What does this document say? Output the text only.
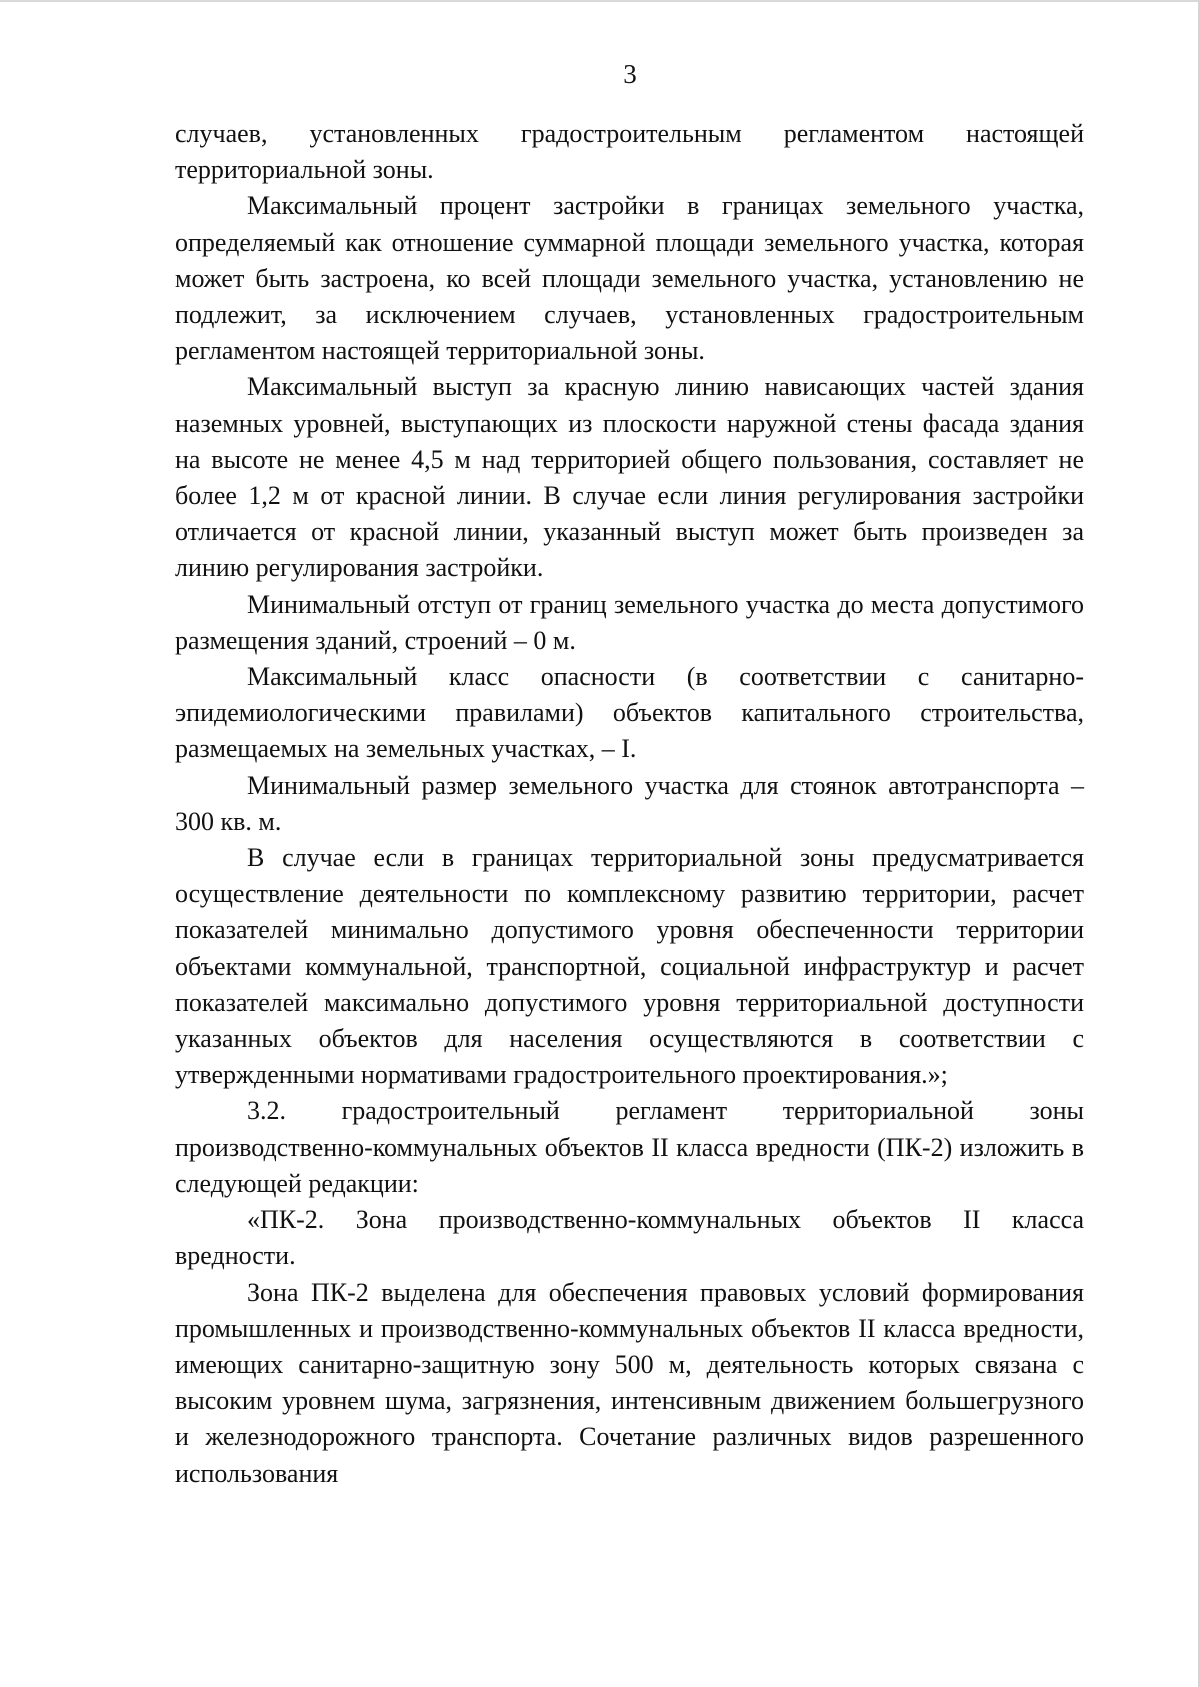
3

случаев, установленных градостроительным регламентом настоящей территориальной зоны.

Максимальный процент застройки в границах земельного участка, определяемый как отношение суммарной площади земельного участка, которая может быть застроена, ко всей площади земельного участка, установлению не подлежит, за исключением случаев, установленных градостроительным регламентом настоящей территориальной зоны.

Максимальный выступ за красную линию нависающих частей здания наземных уровней, выступающих из плоскости наружной стены фасада здания на высоте не менее 4,5 м над территорией общего пользования, составляет не более 1,2 м от красной линии. В случае если линия регулирования застройки отличается от красной линии, указанный выступ может быть произведен за линию регулирования застройки.

Минимальный отступ от границ земельного участка до места допустимого размещения зданий, строений – 0 м.

Максимальный класс опасности (в соответствии с санитарно-эпидемиологическими правилами) объектов капитального строительства, размещаемых на земельных участках, – I.

Минимальный размер земельного участка для стоянок автотранспорта – 300 кв. м.

В случае если в границах территориальной зоны предусматривается осуществление деятельности по комплексному развитию территории, расчет показателей минимально допустимого уровня обеспеченности территории объектами коммунальной, транспортной, социальной инфраструктур и расчет показателей максимально допустимого уровня территориальной доступности указанных объектов для населения осуществляются в соответствии с утвержденными нормативами градостроительного проектирования.»;

3.2. градостроительный регламент территориальной зоны производственно-коммунальных объектов II класса вредности (ПК-2) изложить в следующей редакции:

«ПК-2. Зона производственно-коммунальных объектов II класса вредности.

Зона ПК-2 выделена для обеспечения правовых условий формирования промышленных и производственно-коммунальных объектов II класса вредности, имеющих санитарно-защитную зону 500 м, деятельность которых связана с высоким уровнем шума, загрязнения, интенсивным движением большегрузного и железнодорожного транспорта. Сочетание различных видов разрешенного использования
